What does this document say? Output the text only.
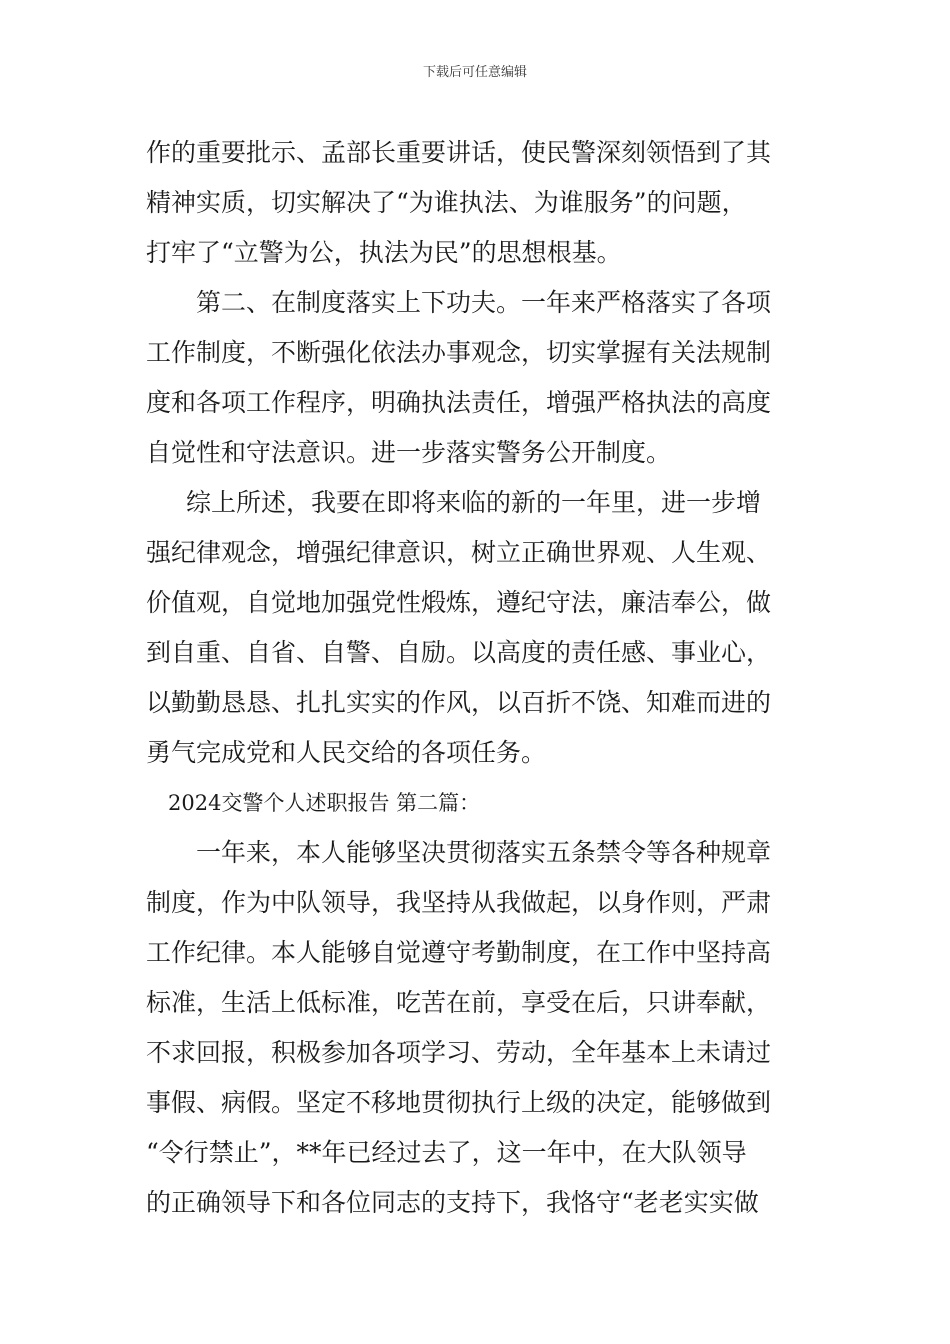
下载后可任意编辑
作的重要批示、孟部长重要讲话，使民警深刻领悟到了其
精神实质，切实解决了“为谁执法、为谁服务”的问题，
打牢了“立警为公，执法为民”的思想根基。
第二、在制度落实上下功夫。一年来严格落实了各项
工作制度，不断强化依法办事观念，切实掌握有关法规制
度和各项工作程序，明确执法责任，增强严格执法的高度
自觉性和守法意识。进一步落实警务公开制度。
综上所述，我要在即将来临的新的一年里，进一步增
强纪律观念，增强纪律意识，树立正确世界观、人生观、
价值观，自觉地加强党性煅炼，遵纪守法，廉洁奉公，做
到自重、自省、自警、自励。以高度的责任感、事业心，
以勤勤恳恳、扎扎实实的作风，以百折不饶、知难而进的
勇气完成党和人民交给的各项任务。
2024交警个人述职报告 第二篇：
一年来，本人能够坚决贯彻落实五条禁令等各种规章
制度，作为中队领导，我坚持从我做起，以身作则，严肃
工作纪律。本人能够自觉遵守考勤制度，在工作中坚持高
标准，生活上低标准，吃苦在前，享受在后，只讲奉献，
不求回报，积极参加各项学习、劳动，全年基本上未请过
事假、病假。坚定不移地贯彻执行上级的决定，能够做到
“令行禁止”，**年已经过去了，这一年中，在大队领导
的正确领导下和各位同志的支持下，我恪守“老老实实做
